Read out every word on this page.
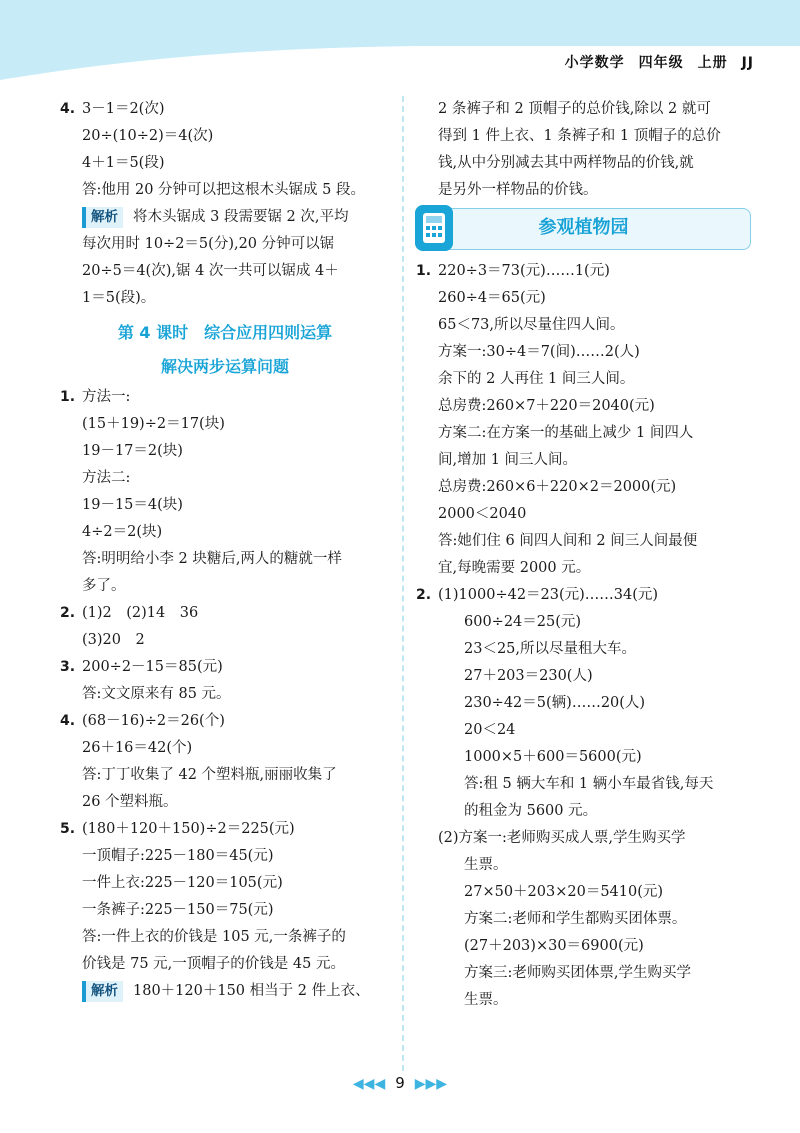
小学数学 四年级 上册 JJ
4. 3－1＝2(次)
20÷(10÷2)＝4(次)
4＋1＝5(段)
答:他用 20 分钟可以把这根木头锯成 5 段。
解析 将木头锯成 3 段需要锯 2 次,平均
每次用时 10÷2＝5(分),20 分钟可以锯
20÷5＝4(次),锯 4 次一共可以锯成 4＋
1＝5(段)。
第 4 课时　综合应用四则运算
解决两步运算问题
1. 方法一:
(15＋19)÷2＝17(块)
19－17＝2(块)
方法二:
19－15＝4(块)
4÷2＝2(块)
答:明明给小李 2 块糖后,两人的糖就一样
多了。
2. (1)2　(2)14　36
(3)20　2
3. 200÷2－15＝85(元)
答:文文原来有 85 元。
4. (68－16)÷2＝26(个)
26＋16＝42(个)
答:丁丁收集了 42 个塑料瓶,丽丽收集了
26 个塑料瓶。
5. (180＋120＋150)÷2＝225(元)
一顶帽子:225－180＝45(元)
一件上衣:225－120＝105(元)
一条裤子:225－150＝75(元)
答:一件上衣的价钱是 105 元,一条裤子的
价钱是 75 元,一顶帽子的价钱是 45 元。
解析 180＋120＋150 相当于 2 件上衣、
2 条裤子和 2 顶帽子的总价钱,除以 2 就可
得到 1 件上衣、1 条裤子和 1 顶帽子的总价
钱,从中分别减去其中两样物品的价钱,就
是另外一样物品的价钱。
参观植物园
1. 220÷3＝73(元)……1(元)
260÷4＝65(元)
65＜73,所以尽量住四人间。
方案一:30÷4＝7(间)……2(人)
余下的 2 人再住 1 间三人间。
总房费:260×7＋220＝2040(元)
方案二:在方案一的基础上减少 1 间四人
间,增加 1 间三人间。
总房费:260×6＋220×2＝2000(元)
2000＜2040
答:她们住 6 间四人间和 2 间三人间最便
宜,每晚需要 2000 元。
2. (1)1000÷42＝23(元)……34(元)
600÷24＝25(元)
23＜25,所以尽量租大车。
27＋203＝230(人)
230÷42＝5(辆)……20(人)
20＜24
1000×5＋600＝5600(元)
答:租 5 辆大车和 1 辆小车最省钱,每天
的租金为 5600 元。
(2)方案一:老师购买成人票,学生购买学
生票。
27×50＋203×20＝5410(元)
方案二:老师和学生都购买团体票。
(27＋203)×30＝6900(元)
方案三:老师购买团体票,学生购买学
生票。
◀◀◀ 9 ▶▶▶
